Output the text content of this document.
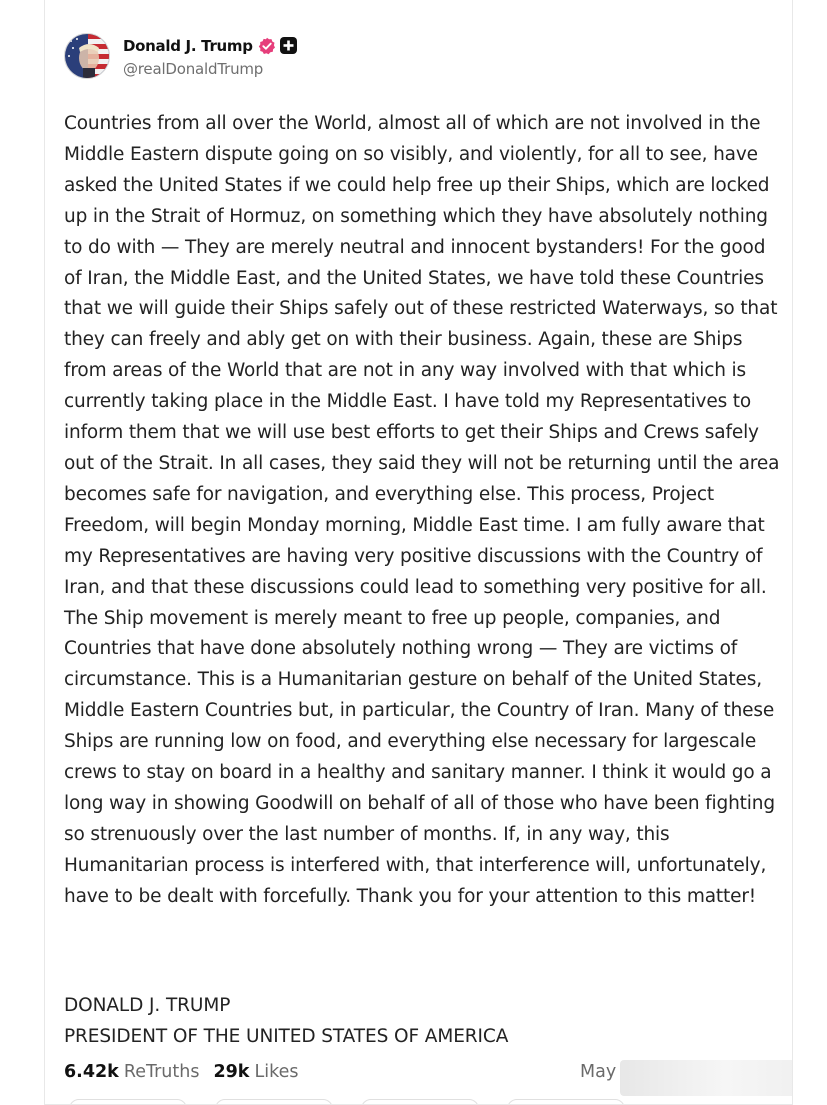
Donald J. Trump
@realDonaldTrump
Countries from all over the World, almost all of which are not involved in the Middle Eastern dispute going on so visibly, and violently, for all to see, have asked the United States if we could help free up their Ships, which are locked up in the Strait of Hormuz, on something which they have absolutely nothing to do with — They are merely neutral and innocent bystanders! For the good of Iran, the Middle East, and the United States, we have told these Countries that we will guide their Ships safely out of these restricted Waterways, so that they can freely and ably get on with their business. Again, these are Ships from areas of the World that are not in any way involved with that which is currently taking place in the Middle East. I have told my Representatives to inform them that we will use best efforts to get their Ships and Crews safely out of the Strait. In all cases, they said they will not be returning until the area becomes safe for navigation, and everything else. This process, Project Freedom, will begin Monday morning, Middle East time. I am fully aware that my Representatives are having very positive discussions with the Country of Iran, and that these discussions could lead to something very positive for all. The Ship movement is merely meant to free up people, companies, and Countries that have done absolutely nothing wrong — They are victims of circumstance. This is a Humanitarian gesture on behalf of the United States, Middle Eastern Countries but, in particular, the Country of Iran. Many of these Ships are running low on food, and everything else necessary for largescale crews to stay on board in a healthy and sanitary manner. I think it would go a long way in showing Goodwill on behalf of all of those who have been fighting so strenuously over the last number of months. If, in any way, this Humanitarian process is interfered with, that interference will, unfortunately, have to be dealt with forcefully. Thank you for your attention to this matter!
DONALD J. TRUMP
PRESIDENT OF THE UNITED STATES OF AMERICA
6.42k ReTruths 29k Likes	May
